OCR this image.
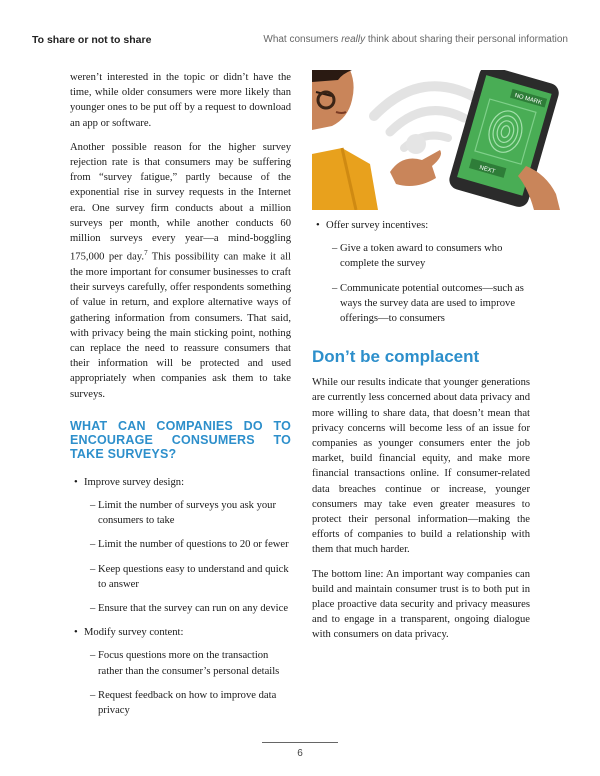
To share or not to share	What consumers really think about sharing their personal information

weren’t interested in the topic or didn’t have the time, while older consumers were more likely than younger ones to be put off by a request to download an app or software.

Another possible reason for the higher survey rejection rate is that consumers may be suffering from “survey fatigue,” partly because of the exponential rise in survey requests in the Internet era. One survey firm conducts about a million surveys per month, while another conducts 60 million surveys every year—a mind-boggling 175,000 per day.$^7$ This possibility can make it all the more important for consumer businesses to craft their surveys carefully, offer respondents something of value in return, and explore alternative ways of gathering information from consumers. That said, with privacy being the main sticking point, nothing can replace the need to reassure consumers that their information will be protected and used appropriately when companies ask them to take surveys.

WHAT CAN COMPANIES DO TO ENCOURAGE CONSUMERS TO TAKE SURVEYS?
• Improve survey design:
– Limit the number of surveys you ask your consumers to take
– Limit the number of questions to 20 or fewer
– Keep questions easy to understand and quick to answer
– Ensure that the survey can run on any device
• Modify survey content:
– Focus questions more on the transaction rather than the consumer’s personal details
– Request feedback on how to improve data privacy
NO MARK
NEXT
• Offer survey incentives:
– Give a token award to consumers who complete the survey
– Communicate potential outcomes—such as ways the survey data are used to improve offerings—to consumers
Don’t be complacent

While our results indicate that younger generations are currently less concerned about data privacy and more willing to share data, that doesn’t mean that privacy concerns will become less of an issue for companies as younger consumers enter the job market, build financial equity, and make more financial transactions online. If consumer-related data breaches continue or increase, younger consumers may take even greater measures to protect their personal information—making the efforts of companies to build a relationship with them that much harder.

The bottom line: An important way companies can build and maintain consumer trust is to both put in place proactive data security and privacy measures and to engage in a transparent, ongoing dialogue with consumers on data privacy.

6
